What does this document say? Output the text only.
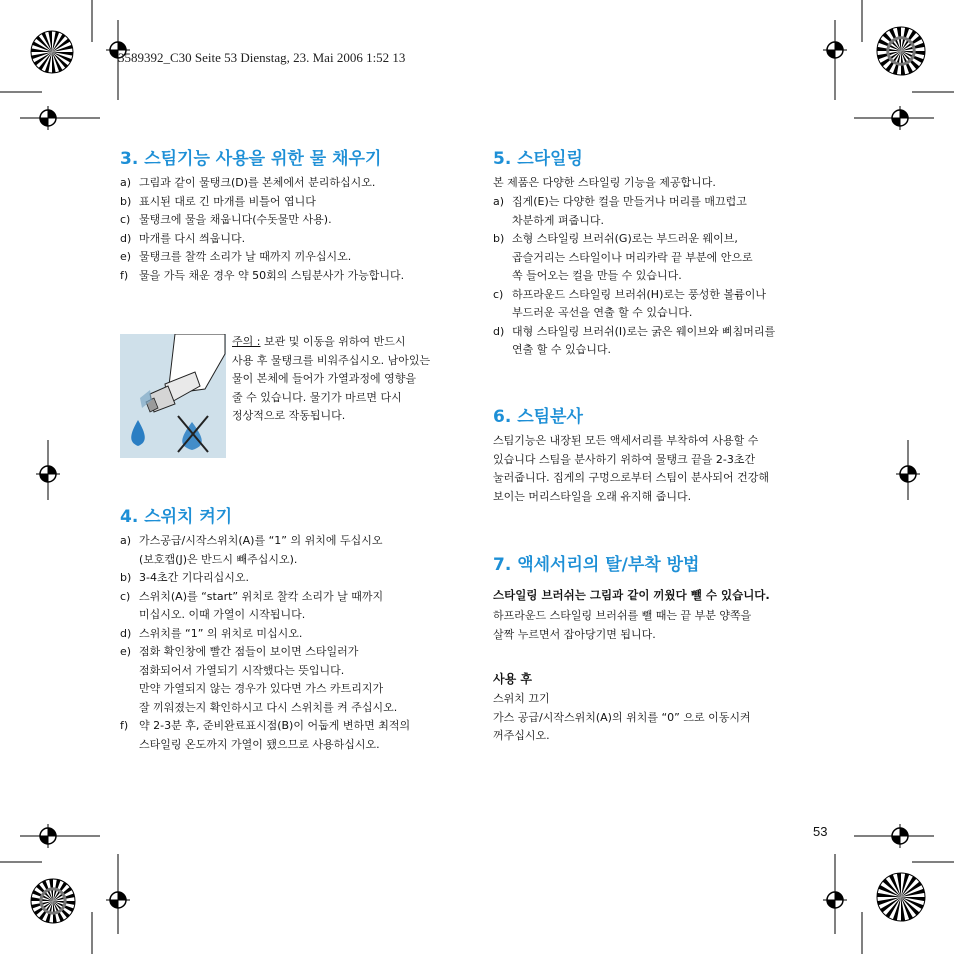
3589392_C30 Seite 53 Dienstag, 23. Mai 2006 1:52 13
3. 스팀기능 사용을 위한 물 채우기
a) 그림과 같이 물탱크(D)를 본체에서 분리하십시오.
b) 표시된 대로 긴 마개를 비틀어 엽니다
c) 물탱크에 물을 채웁니다(수돗물만 사용).
d) 마개를 다시 씌웁니다.
e) 물탱크를 찰깍 소리가 날 때까지 끼우십시오.
f) 물을 가득 채운 경우 약 50회의 스팀분사가 가능합니다.
주의 : 보관 및 이동을 위하여 반드시
사용 후 물탱크를 비워주십시오. 남아있는
물이 본체에 들어가 가열과정에 영향을
줄 수 있습니다. 물기가 마르면 다시
정상적으로 작동됩니다.
4. 스위치 켜기
a) 가스공급/시작스위치(A)를 “1” 의 위치에 두십시오
(보호캡(J)은 반드시 빼주십시오).
b) 3-4초간 기다리십시오.
c) 스위치(A)를 “start” 위치로 찰칵 소리가 날 때까지
미십시오. 이때 가열이 시작됩니다.
d) 스위치를 “1” 의 위치로 미십시오.
e) 점화 확인창에 빨간 점들이 보이면 스타일러가
점화되어서 가열되기 시작했다는 뜻입니다.
만약 가열되지 않는 경우가 있다면 가스 카트리지가
잘 끼워졌는지 확인하시고 다시 스위치를 켜 주십시오.
f) 약 2-3분 후, 준비완료표시점(B)이 어둡게 변하면 최적의
스타일링 온도까지 가열이 됐으므로 사용하십시오.
5. 스타일링
본 제품은 다양한 스타일링 기능을 제공합니다.
a) 집게(E)는 다양한 컬을 만들거나 머리를 매끄럽고
차분하게 펴줍니다.
b) 소형 스타일링 브러쉬(G)로는 부드러운 웨이브,
곱슬거리는 스타일이나 머리카락 끝 부분에 안으로
쏙 들어오는 컬을 만들 수 있습니다.
c) 하프라운드 스타일링 브러쉬(H)로는 풍성한 볼륨이나
부드러운 곡선을 연출 할 수 있습니다.
d) 대형 스타일링 브러쉬(I)로는 굵은 웨이브와 삐침머리를
연출 할 수 있습니다.
6. 스팀분사
스팀기능은 내장된 모든 액세서리를 부착하여 사용할 수
있습니다 스팀을 분사하기 위하여 물탱크 끝을 2-3초간
눌러줍니다. 집게의 구멍으로부터 스팀이 분사되어 건강해
보이는 머리스타일을 오래 유지해 줍니다.
7. 액세서리의 탈/부착 방법
스타일링 브러쉬는 그림과 같이 끼웠다 뺄 수 있습니다.
하프라운드 스타일링 브러쉬를 뺄 때는 끝 부분 양쪽을
살짝 누르면서 잡아당기면 됩니다.
사용 후
스위치 끄기
가스 공급/시작스위치(A)의 위치를 “0” 으로 이동시켜
꺼주십시오.
53
